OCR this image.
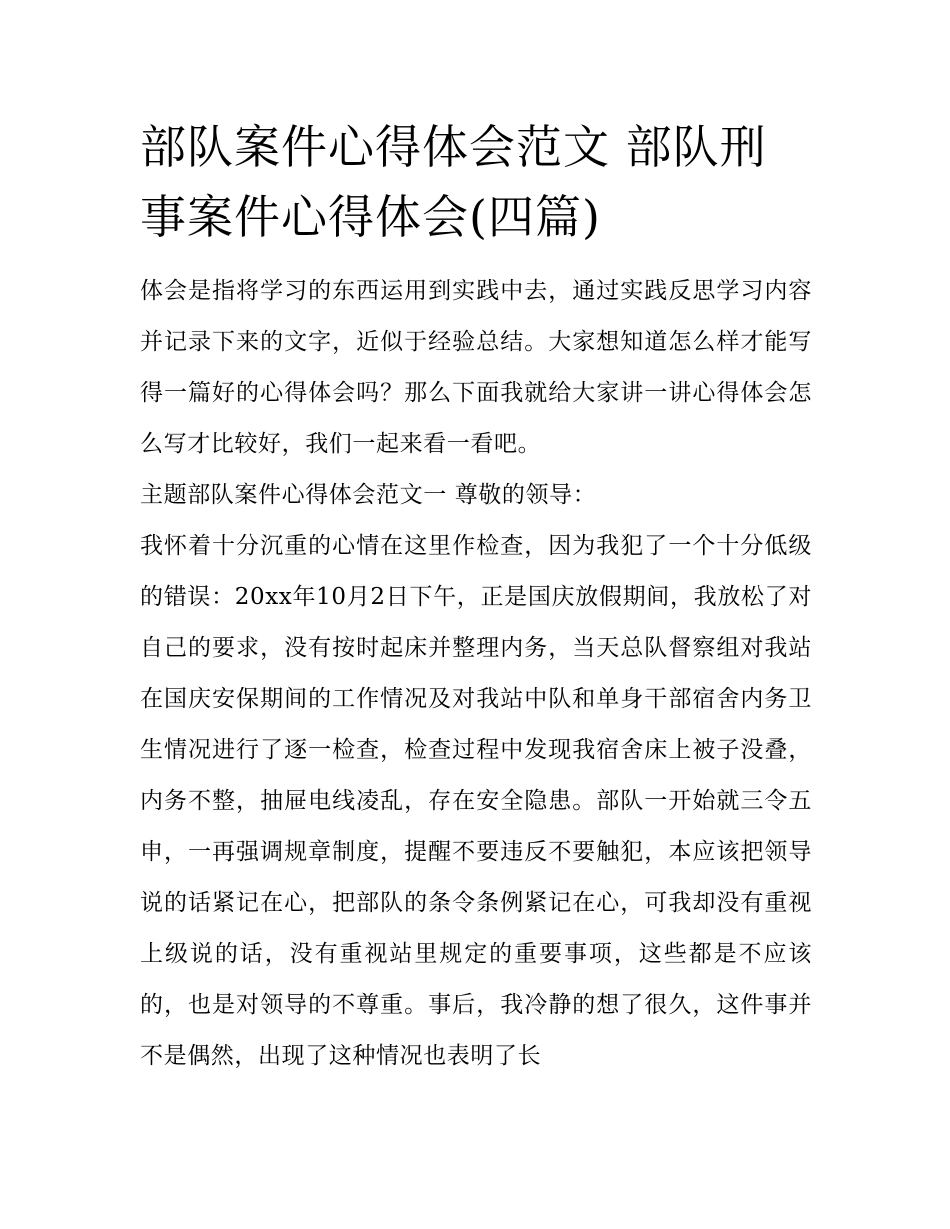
部队案件心得体会范文 部队刑事案件心得体会(四篇)

体会是指将学习的东西运用到实践中去，通过实践反思学习内容并记录下来的文字，近似于经验总结。大家想知道怎么样才能写得一篇好的心得体会吗？那么下面我就给大家讲一讲心得体会怎么写才比较好，我们一起来看一看吧。

主题部队案件心得体会范文一 尊敬的领导：

我怀着十分沉重的心情在这里作检查，因为我犯了一个十分低级的错误：20xx年10月2日下午，正是国庆放假期间，我放松了对自己的要求，没有按时起床并整理内务，当天总队督察组对我站在国庆安保期间的工作情况及对我站中队和单身干部宿舍内务卫生情况进行了逐一检查，检查过程中发现我宿舍床上被子没叠，内务不整，抽屉电线凌乱，存在安全隐患。部队一开始就三令五申，一再强调规章制度，提醒不要违反不要触犯，本应该把领导说的话紧记在心，把部队的条令条例紧记在心，可我却没有重视上级说的话，没有重视站里规定的重要事项，这些都是不应该的，也是对领导的不尊重。事后，我冷静的想了很久，这件事并不是偶然，出现了这种情况也表明了长
